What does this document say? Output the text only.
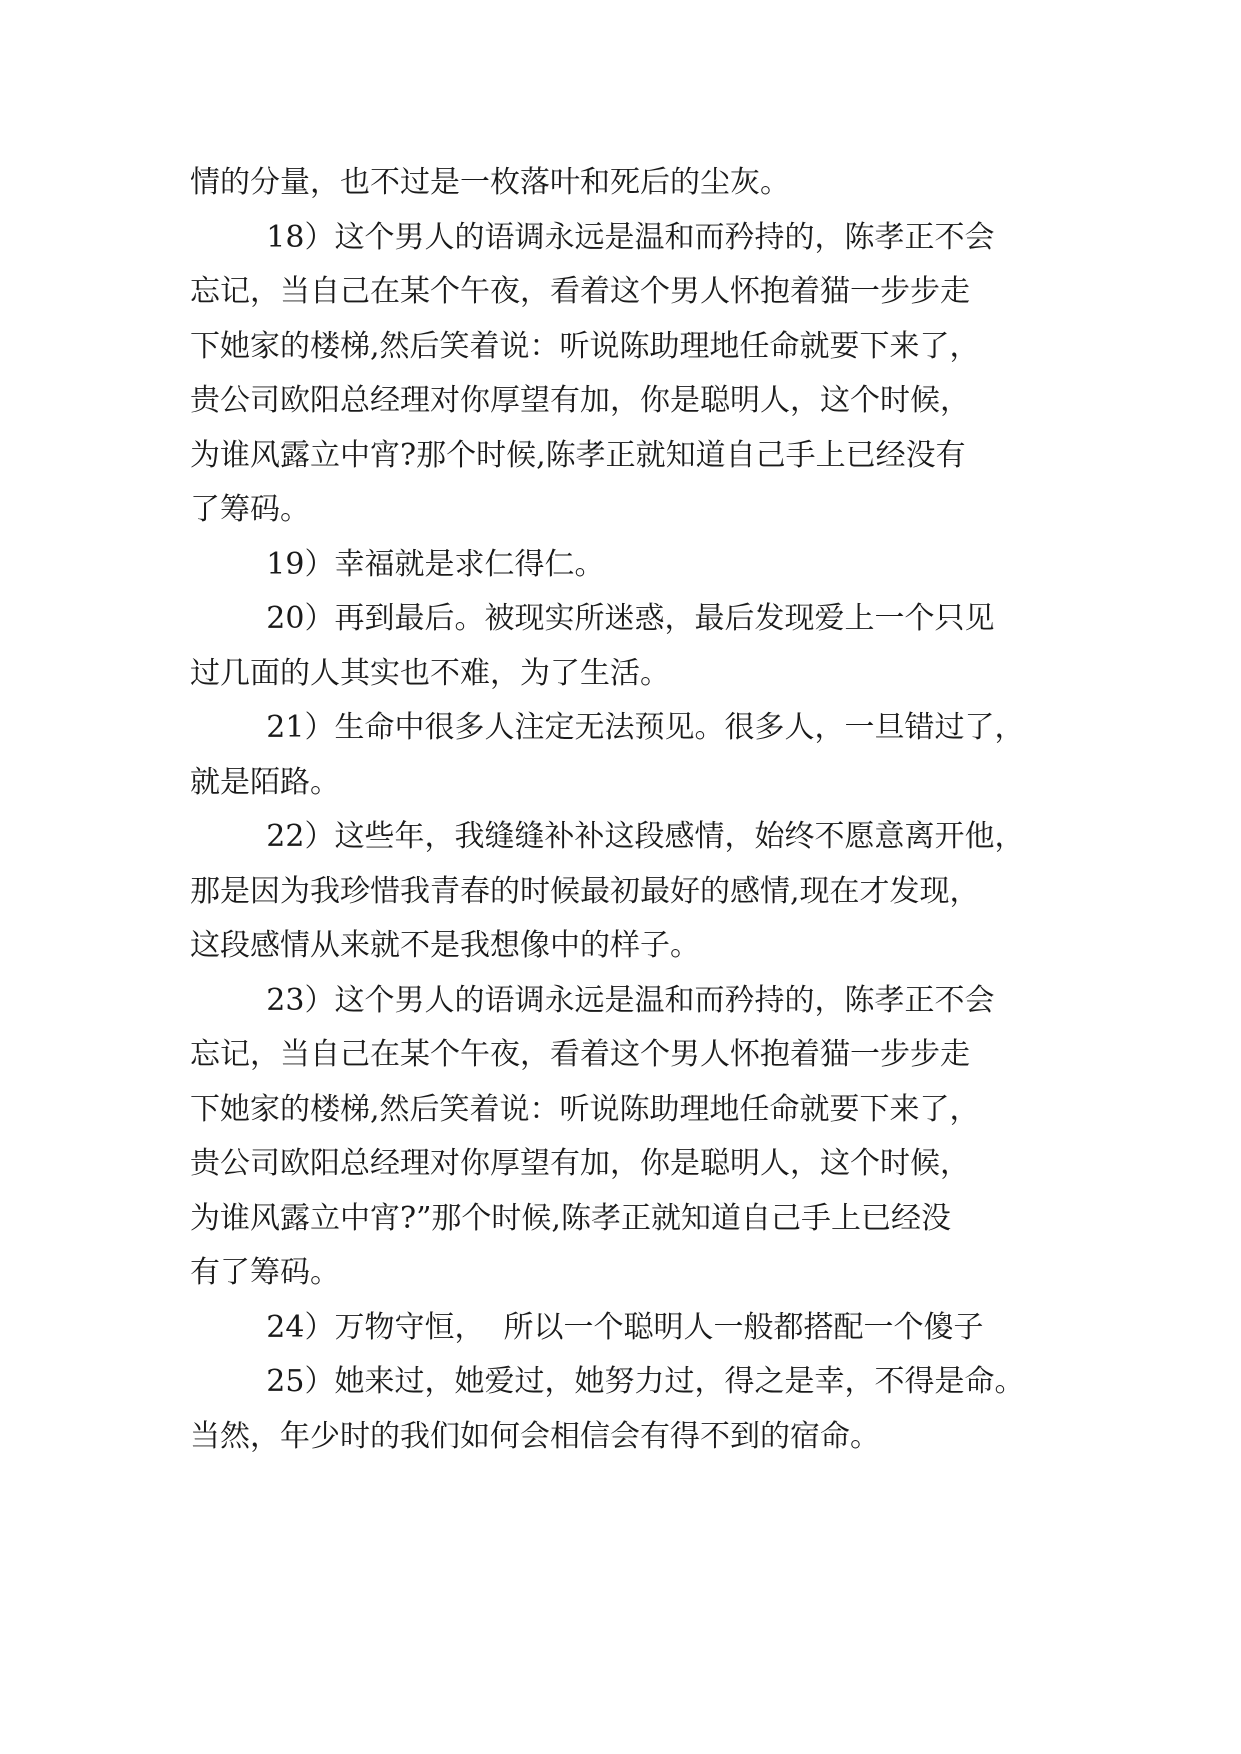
情的分量，也不过是一枚落叶和死后的尘灰。

18）这个男人的语调永远是温和而矜持的，陈孝正不会

忘记，当自己在某个午夜，看着这个男人怀抱着猫一步步走

下她家的楼梯,然后笑着说：听说陈助理地任命就要下来了，

贵公司欧阳总经理对你厚望有加，你是聪明人，这个时候，

为谁风露立中宵?那个时候,陈孝正就知道自己手上已经没有

了筹码。

19）幸福就是求仁得仁。

20）再到最后。被现实所迷惑，最后发现爱上一个只见

过几面的人其实也不难，为了生活。

21）生命中很多人注定无法预见。很多人，一旦错过了，

就是陌路。

22）这些年，我缝缝补补这段感情，始终不愿意离开他，

那是因为我珍惜我青春的时候最初最好的感情,现在才发现，

这段感情从来就不是我想像中的样子。

23）这个男人的语调永远是温和而矜持的，陈孝正不会

忘记，当自己在某个午夜，看着这个男人怀抱着猫一步步走

下她家的楼梯,然后笑着说：听说陈助理地任命就要下来了，

贵公司欧阳总经理对你厚望有加，你是聪明人，这个时候，

为谁风露立中宵?”那个时候,陈孝正就知道自己手上已经没

有了筹码。

24）万物守恒，  所以一个聪明人一般都搭配一个傻子

25）她来过，她爱过，她努力过，得之是幸，不得是命。

当然，年少时的我们如何会相信会有得不到的宿命。
